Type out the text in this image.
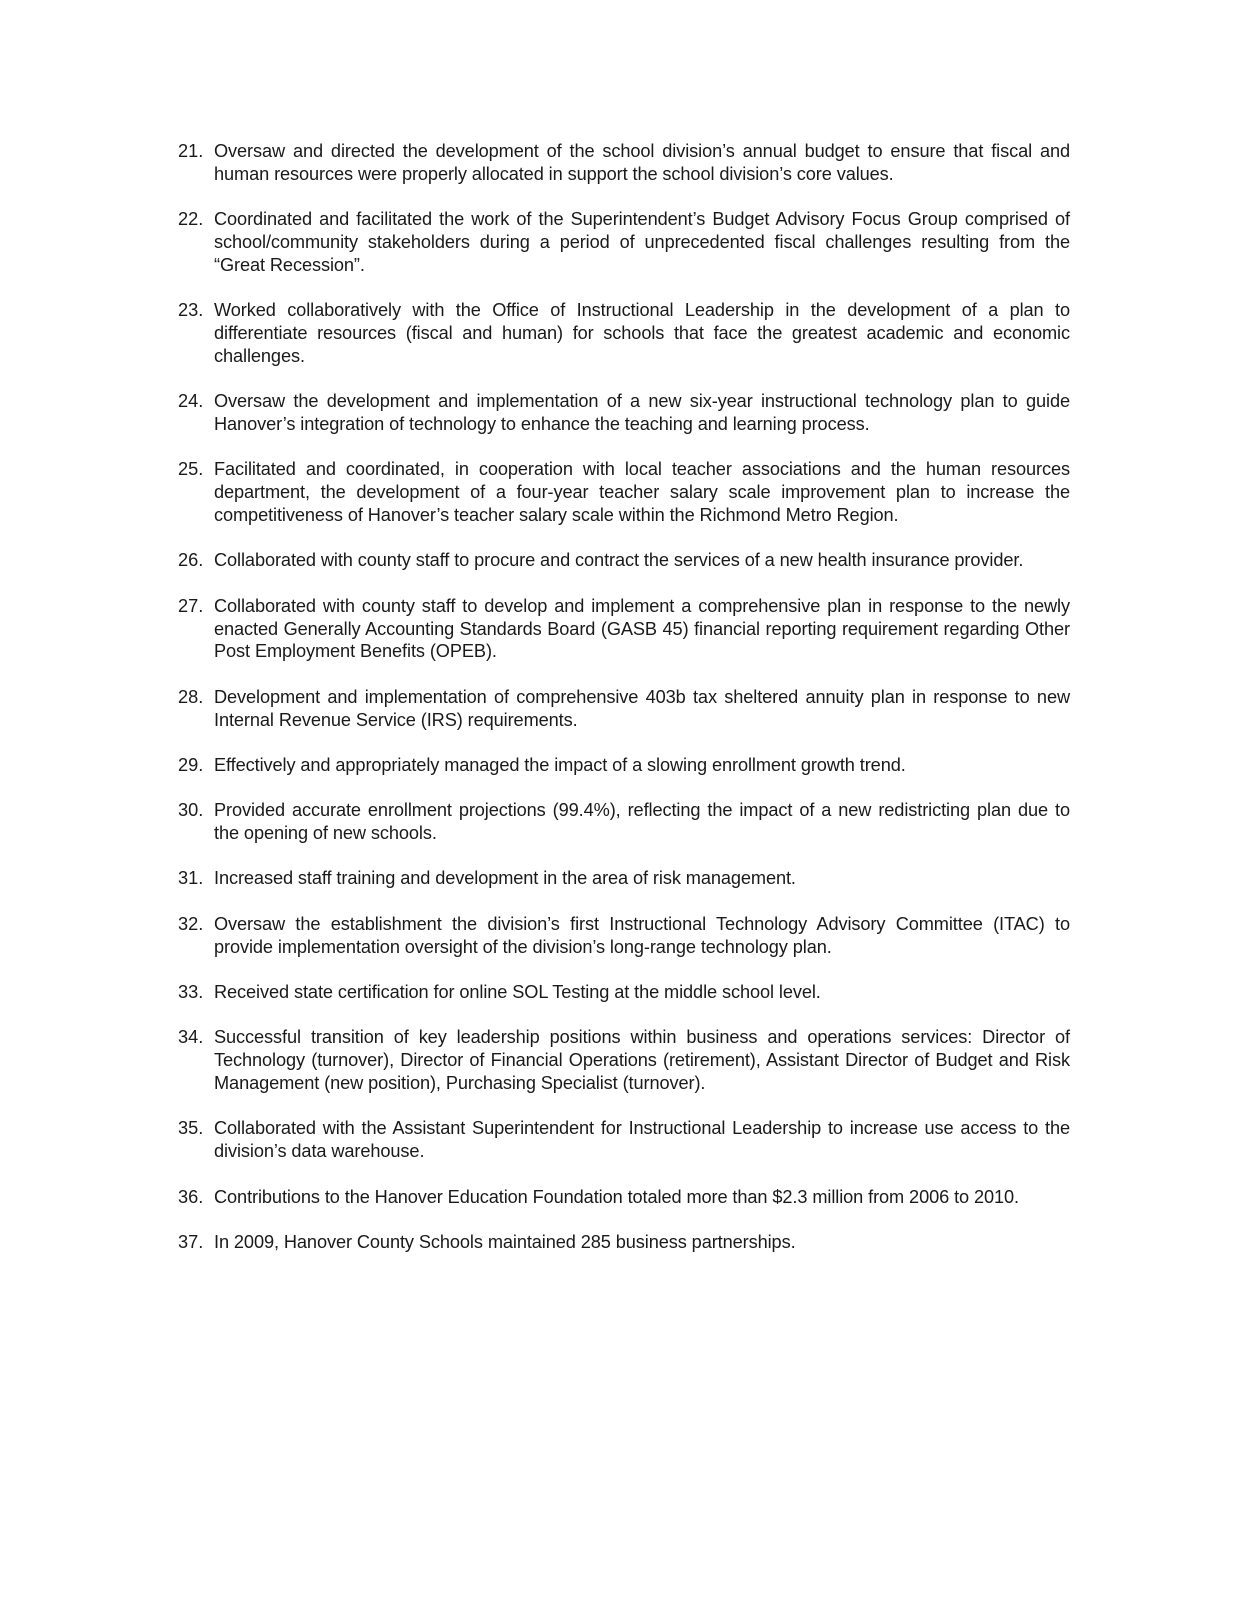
21. Oversaw and directed the development of the school division’s annual budget to ensure that fiscal and human resources were properly allocated in support the school division’s core values.
22. Coordinated and facilitated the work of the Superintendent’s Budget Advisory Focus Group comprised of school/community stakeholders during a period of unprecedented fiscal challenges resulting from the “Great Recession”.
23. Worked collaboratively with the Office of Instructional Leadership in the development of a plan to differentiate resources (fiscal and human) for schools that face the greatest academic and economic challenges.
24. Oversaw the development and implementation of a new six-year instructional technology plan to guide Hanover’s integration of technology to enhance the teaching and learning process.
25. Facilitated and coordinated, in cooperation with local teacher associations and the human resources department, the development of a four-year teacher salary scale improvement plan to increase the competitiveness of Hanover’s teacher salary scale within the Richmond Metro Region.
26. Collaborated with county staff to procure and contract the services of a new health insurance provider.
27. Collaborated with county staff to develop and implement a comprehensive plan in response to the newly enacted Generally Accounting Standards Board (GASB 45) financial reporting requirement regarding Other Post Employment Benefits (OPEB).
28. Development and implementation of comprehensive 403b tax sheltered annuity plan in response to new Internal Revenue Service (IRS) requirements.
29. Effectively and appropriately managed the impact of a slowing enrollment growth trend.
30. Provided accurate enrollment projections (99.4%), reflecting the impact of a new redistricting plan due to the opening of new schools.
31. Increased staff training and development in the area of risk management.
32. Oversaw the establishment the division’s first Instructional Technology Advisory Committee (ITAC) to provide implementation oversight of the division’s long-range technology plan.
33. Received state certification for online SOL Testing at the middle school level.
34. Successful transition of key leadership positions within business and operations services: Director of Technology (turnover), Director of Financial Operations (retirement), Assistant Director of Budget and Risk Management (new position), Purchasing Specialist (turnover).
35. Collaborated with the Assistant Superintendent for Instructional Leadership to increase use access to the division’s data warehouse.
36. Contributions to the Hanover Education Foundation totaled more than $2.3 million from 2006 to 2010.
37. In 2009, Hanover County Schools maintained 285 business partnerships.
